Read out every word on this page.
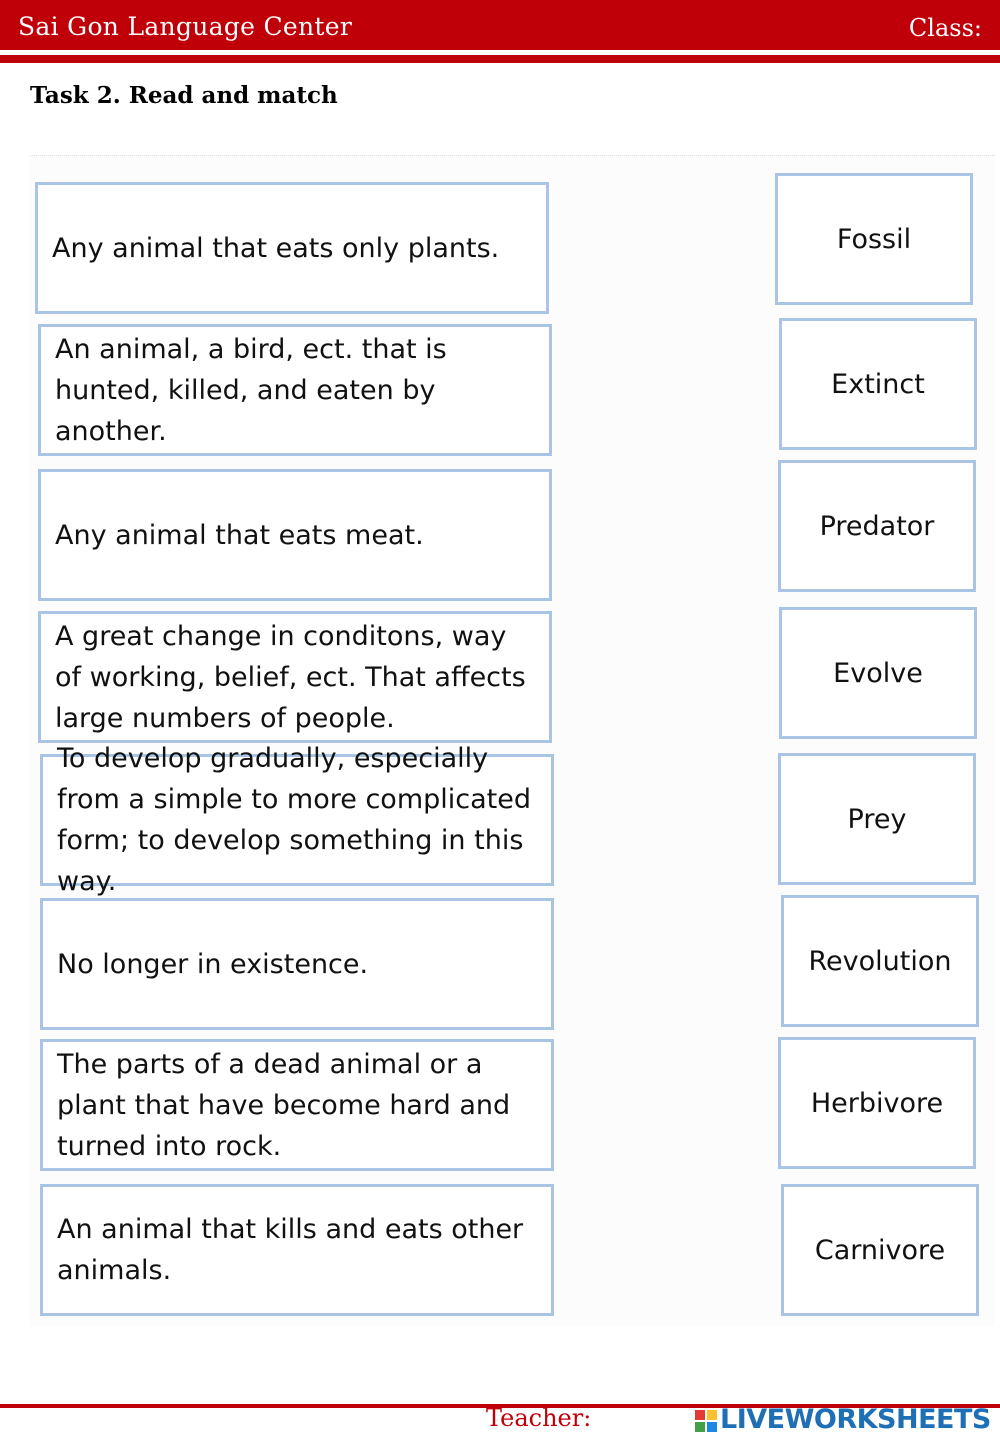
Sai Gon Language Center	Class:
Task 2. Read and match
Any animal that eats only plants.
An animal, a bird, ect. that is hunted, killed, and eaten by another.
Any animal that eats meat.
A great change in conditons, way of working, belief, ect. That affects large numbers of people.
To develop gradually, especially from a simple to more complicated form; to develop something in this way.
No longer in existence.
The parts of a dead animal or a plant that have become hard and turned into rock.
An animal that kills and eats other animals.
Fossil
Extinct
Predator
Evolve
Prey
Revolution
Herbivore
Carnivore
Teacher:	LIVEWORKSHEETS
